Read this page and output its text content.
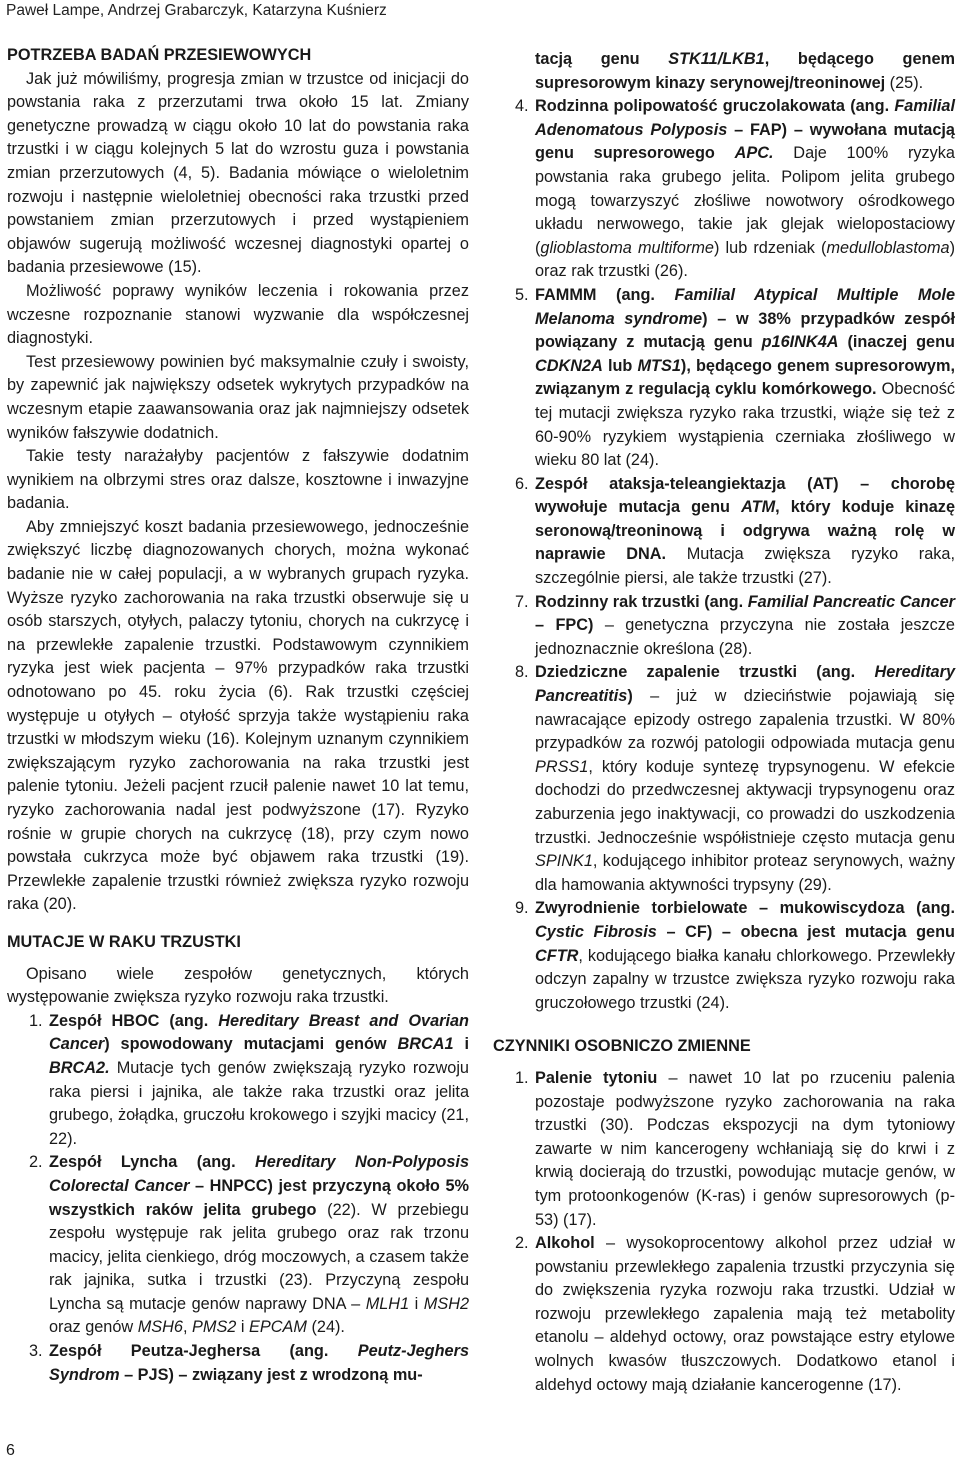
Paweł Lampe, Andrzej Grabarczyk, Katarzyna Kuśnierz
POTRZEBA BADAŃ PRZESIEWOWYCH

Jak już mówiliśmy, progresja zmian w trzustce od inicjacji do powstania raka z przerzutami trwa około 15 lat. Zmiany genetyczne prowadzą w ciągu około 10 lat do powstania raka trzustki i w ciągu kolejnych 5 lat do wzrostu guza i powstania zmian przerzutowych (4, 5). Badania mówiące o wieloletnim rozwoju i następnie wieloletniej obecności raka trzustki przed powstaniem zmian przerzutowych i przed wystąpieniem objawów sugerują możliwość wczesnej diagnostyki opartej o badania przesiewowe (15).

Możliwość poprawy wyników leczenia i rokowania przez wczesne rozpoznanie stanowi wyzwanie dla współczesnej diagnostyki.

Test przesiewowy powinien być maksymalnie czuły i swoisty, by zapewnić jak największy odsetek wykrytych przypadków na wczesnym etapie zaawansowania oraz jak najmniejszy odsetek wyników fałszywie dodatnich.

Takie testy narażałyby pacjentów z fałszywie dodatnim wynikiem na olbrzymi stres oraz dalsze, kosztowne i inwazyjne badania.

Aby zmniejszyć koszt badania przesiewowego, jednocześnie zwiększyć liczbę diagnozowanych chorych, można wykonać badanie nie w całej populacji, a w wybranych grupach ryzyka. Wyższe ryzyko zachorowania na raka trzustki obserwuje się u osób starszych, otyłych, palaczy tytoniu, chorych na cukrzycę i na przewlekłe zapalenie trzustki. Podstawowym czynnikiem ryzyka jest wiek pacjenta – 97% przypadków raka trzustki odnotowano po 45. roku życia (6). Rak trzustki częściej występuje u otyłych – otyłość sprzyja także wystąpieniu raka trzustki w młodszym wieku (16). Kolejnym uznanym czynnikiem zwiększającym ryzyko zachorowania na raka trzustki jest palenie tytoniu. Jeżeli pacjent rzucił palenie nawet 10 lat temu, ryzyko zachorowania nadal jest podwyższone (17). Ryzyko rośnie w grupie chorych na cukrzycę (18), przy czym nowo powstała cukrzyca może być objawem raka trzustki (19). Przewlekłe zapalenie trzustki również zwiększa ryzyko rozwoju raka (20).

MUTACJE W RAKU TRZUSTKI

Opisano wiele zespołów genetycznych, których występowanie zwiększa ryzyko rozwoju raka trzustki.

1. Zespół HBOC (ang. Hereditary Breast and Ovarian Cancer) spowodowany mutacjami genów BRCA1 i BRCA2. Mutacje tych genów zwiększają ryzyko rozwoju raka piersi i jajnika, ale także raka trzustki oraz jelita grubego, żołądka, gruczołu krokowego i szyjki macicy (21, 22).

2. Zespół Lyncha (ang. Hereditary Non-Polyposis Colorectal Cancer – HNPCC) jest przyczyną około 5% wszystkich raków jelita grubego (22). W przebiegu zespołu występuje rak jelita grubego oraz rak trzonu macicy, jelita cienkiego, dróg moczowych, a czasem także rak jajnika, sutka i trzustki (23). Przyczyną zespołu Lyncha są mutacje genów naprawy DNA – MLH1 i MSH2 oraz genów MSH6, PMS2 i EPCAM (24).

3. Zespół Peutza-Jeghersa (ang. Peutz-Jeghers Syndrom – PJS) – związany jest z wrodzoną mu-

tacją genu STK11/LKB1, będącego genem supresorowym kinazy serynowej/treoninowej (25).

4. Rodzinna polipowatość gruczolakowata (ang. Familial Adenomatous Polyposis – FAP) – wywołana mutacją genu supresorowego APC. Daje 100% ryzyka powstania raka grubego jelita. Polipom jelita grubego mogą towarzyszyć złośliwe nowotwory ośrodkowego układu nerwowego, takie jak glejak wielopostaciowy (glioblastoma multiforme) lub rdzeniak (medulloblastoma) oraz rak trzustki (26).

5. FAMMM (ang. Familial Atypical Multiple Mole Melanoma syndrome) – w 38% przypadków zespół powiązany z mutacją genu p16INK4A (inaczej genu CDKN2A lub MTS1), będącego genem supresorowym, związanym z regulacją cyklu komórkowego. Obecność tej mutacji zwiększa ryzyko raka trzustki, wiąże się też z 60-90% ryzykiem wystąpienia czerniaka złośliwego w wieku 80 lat (24).

6. Zespół ataksja-teleangiektazja (AT) – chorobę wywołuje mutacja genu ATM, który koduje kinazę seronową/treoninową i odgrywa ważną rolę w naprawie DNA. Mutacja zwiększa ryzyko raka, szczególnie piersi, ale także trzustki (27).

7. Rodzinny rak trzustki (ang. Familial Pancreatic Cancer – FPC) – genetyczna przyczyna nie została jeszcze jednoznacznie określona (28).

8. Dziedziczne zapalenie trzustki (ang. Hereditary Pancreatitis) – już w dzieciństwie pojawiają się nawracające epizody ostrego zapalenia trzustki. W 80% przypadków za rozwój patologii odpowiada mutacja genu PRSS1, który koduje syntezę trypsynogenu. W efekcie dochodzi do przedwczesnej aktywacji trypsynogenu oraz zaburzenia jego inaktywacji, co prowadzi do uszkodzenia trzustki. Jednocześnie współistnieje często mutacja genu SPINK1, kodującego inhibitor proteaz serynowych, ważny dla hamowania aktywności trypsyny (29).

9. Zwyrodnienie torbielowate – mukowiscydoza (ang. Cystic Fibrosis – CF) – obecna jest mutacja genu CFTR, kodującego białka kanału chlorkowego. Przewlekły odczyn zapalny w trzustce zwiększa ryzyko rozwoju raka gruczołowego trzustki (24).

CZYNNIKI OSOBNICZO ZMIENNE

1. Palenie tytoniu – nawet 10 lat po rzuceniu palenia pozostaje podwyższone ryzyko zachorowania na raka trzustki (30). Podczas ekspozycji na dym tytoniowy zawarte w nim kancerogeny wchłaniają się do krwi i z krwią docierają do trzustki, powodując mutacje genów, w tym protoonkogenów (K-ras) i genów supresorowych (p-53) (17).

2. Alkohol – wysokoprocentowy alkohol przez udział w powstaniu przewlekłego zapalenia trzustki przyczynia się do zwiększenia ryzyka rozwoju raka trzustki. Udział w rozwoju przewlekłego zapalenia mają też metabolity etanolu – aldehyd octowy, oraz powstające estry etylowe wolnych kwasów tłuszczowych. Dodatkowo etanol i aldehyd octowy mają działanie kancerogenne (17).

6
